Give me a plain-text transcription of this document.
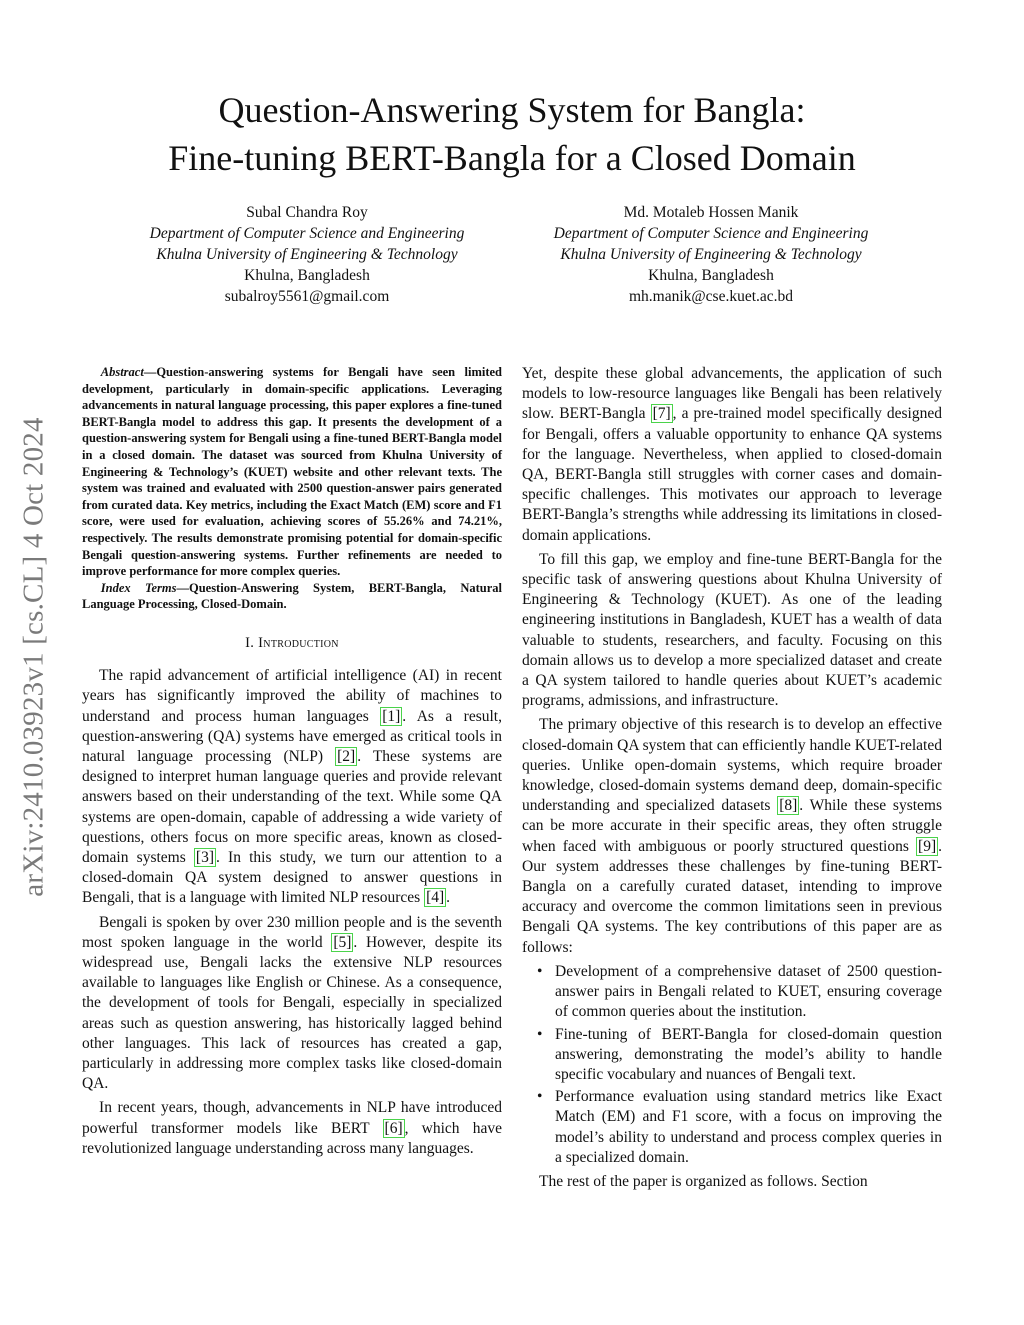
arXiv:2410.03923v1 [cs.CL] 4 Oct 2024
Question-Answering System for Bangla:
Fine-tuning BERT-Bangla for a Closed Domain
Subal Chandra Roy
Department of Computer Science and Engineering
Khulna University of Engineering & Technology
Khulna, Bangladesh
subalroy5561@gmail.com
Md. Motaleb Hossen Manik
Department of Computer Science and Engineering
Khulna University of Engineering & Technology
Khulna, Bangladesh
mh.manik@cse.kuet.ac.bd

Abstract—Question-answering systems for Bengali have seen limited development, particularly in domain-specific applications. Leveraging advancements in natural language processing, this paper explores a fine-tuned BERT-Bangla model to address this gap. It presents the development of a question-answering system for Bengali using a fine-tuned BERT-Bangla model in a closed domain. The dataset was sourced from Khulna University of Engineering & Technology’s (KUET) website and other relevant texts. The system was trained and evaluated with 2500 question-answer pairs generated from curated data. Key metrics, including the Exact Match (EM) score and F1 score, were used for evaluation, achieving scores of 55.26% and 74.21%, respectively. The results demonstrate promising potential for domain-specific Bengali question-answering systems. Further refinements are needed to improve performance for more complex queries.

Index Terms—Question-Answering System, BERT-Bangla, Natural Language Processing, Closed-Domain.

I. Introduction

The rapid advancement of artificial intelligence (AI) in recent years has significantly improved the ability of machines to understand and process human languages [1] . As a result, question-answering (QA) systems have emerged as critical tools in natural language processing (NLP) [2] . These systems are designed to interpret human language queries and provide relevant answers based on their understanding of the text. While some QA systems are open-domain, capable of addressing a wide variety of questions, others focus on more specific areas, known as closed-domain systems [3] . In this study, we turn our attention to a closed-domain QA system designed to answer questions in Bengali, that is a language with limited NLP resources [4] .

Bengali is spoken by over 230 million people and is the seventh most spoken language in the world [5] . However, despite its widespread use, Bengali lacks the extensive NLP resources available to languages like English or Chinese. As a consequence, the development of tools for Bengali, especially in specialized areas such as question answering, has historically lagged behind other languages. This lack of resources has created a gap, particularly in addressing more complex tasks like closed-domain QA.

In recent years, though, advancements in NLP have introduced powerful transformer models like BERT [6] , which have revolutionized language understanding across many languages.

Yet, despite these global advancements, the application of such models to low-resource languages like Bengali has been relatively slow. BERT-Bangla [7] , a pre-trained model specifically designed for Bengali, offers a valuable opportunity to enhance QA systems for the language. Nevertheless, when applied to closed-domain QA, BERT-Bangla still struggles with corner cases and domain-specific challenges. This motivates our approach to leverage BERT-Bangla’s strengths while addressing its limitations in closed-domain applications.

To fill this gap, we employ and fine-tune BERT-Bangla for the specific task of answering questions about Khulna University of Engineering & Technology (KUET). As one of the leading engineering institutions in Bangladesh, KUET has a wealth of data valuable to students, researchers, and faculty. Focusing on this domain allows us to develop a more specialized dataset and create a QA system tailored to handle queries about KUET’s academic programs, admissions, and infrastructure.

The primary objective of this research is to develop an effective closed-domain QA system that can efficiently handle KUET-related queries. Unlike open-domain systems, which require broader knowledge, closed-domain systems demand deep, domain-specific understanding and specialized datasets [8] . While these systems can be more accurate in their specific areas, they often struggle when faced with ambiguous or poorly structured questions [9] . Our system addresses these challenges by fine-tuning BERT-Bangla on a carefully curated dataset, intending to improve accuracy and overcome the common limitations seen in previous Bengali QA systems. The key contributions of this paper are as follows:

• Development of a comprehensive dataset of 2500 question-answer pairs in Bengali related to KUET, ensuring coverage of common queries about the institution.
• Fine-tuning of BERT-Bangla for closed-domain question answering, demonstrating the model’s ability to handle specific vocabulary and nuances of Bengali text.
• Performance evaluation using standard metrics like Exact Match (EM) and F1 score, with a focus on improving the model’s ability to understand and process complex queries in a specialized domain.

The rest of the paper is organized as follows. Section
